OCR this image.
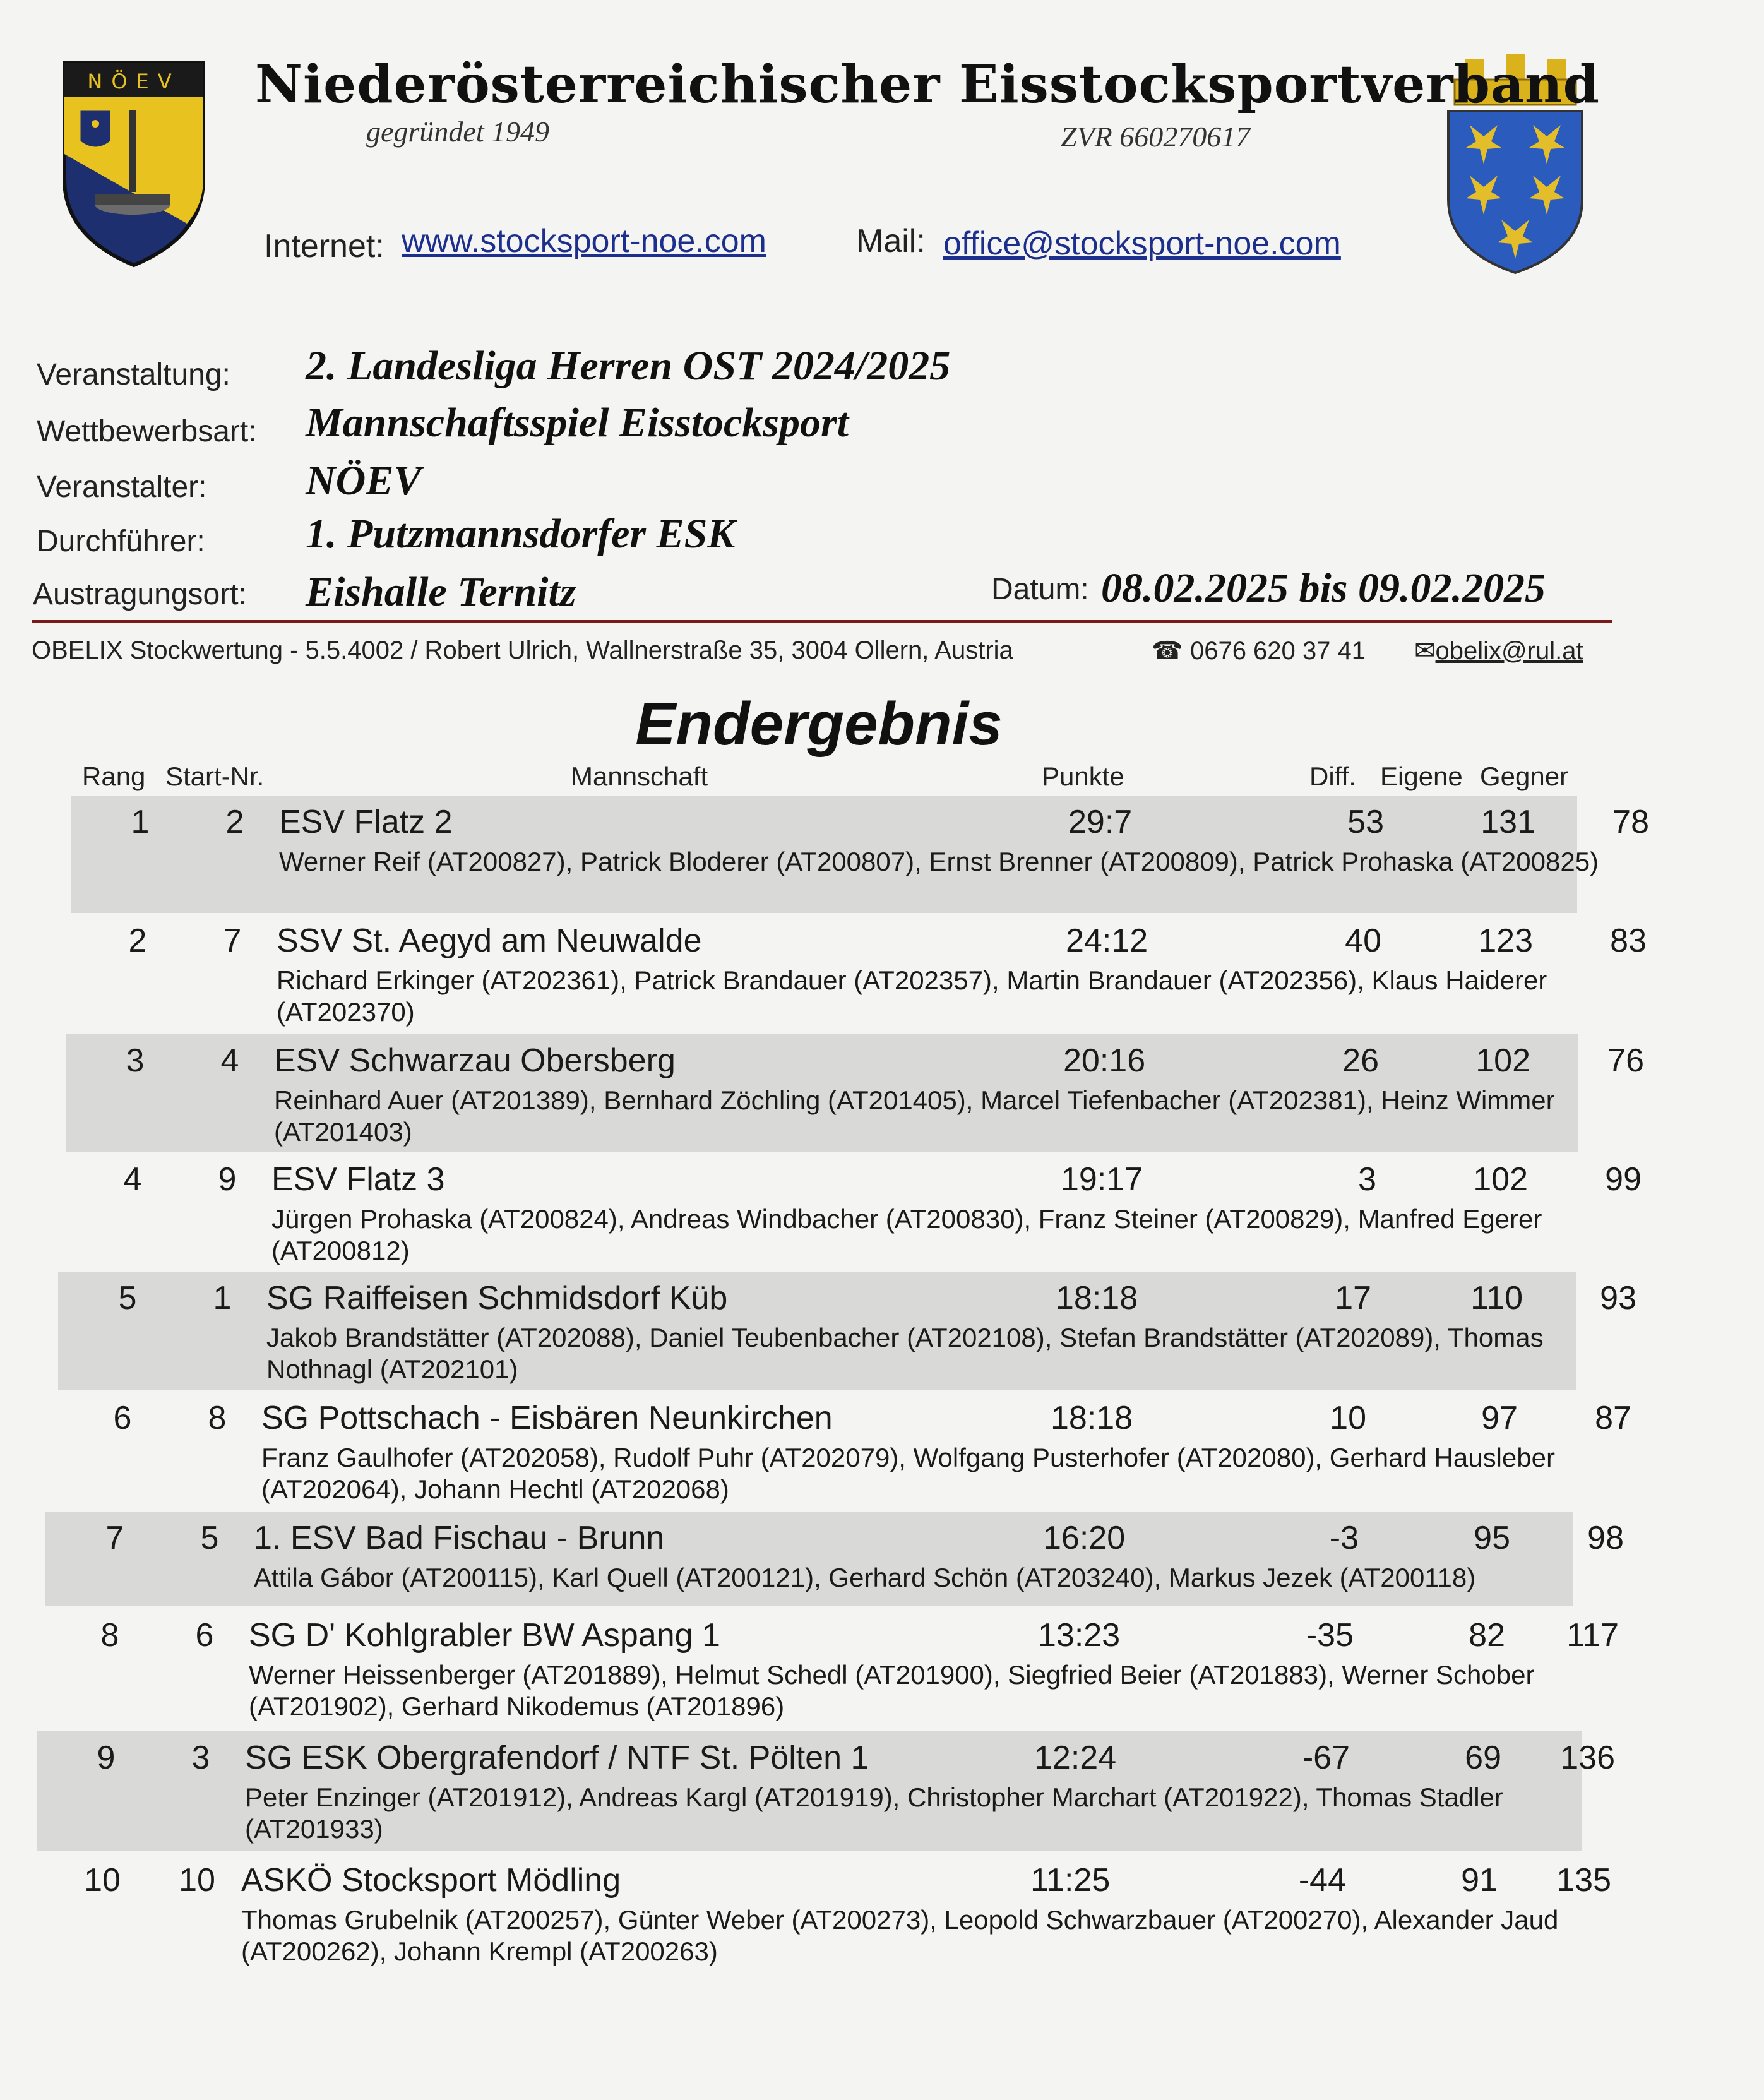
NÖEV Niederösterreichischer Eisstocksportverband
gegründet 1949	ZVR 660270617
Internet: www.stocksport-noe.com	Mail: office@stocksport-noe.com
Veranstaltung: 2. Landesliga Herren OST 2024/2025
Wettbewerbsart: Mannschaftsspiel Eisstocksport
Veranstalter: NÖEV
Durchführer: 1. Putzmannsdorfer ESK
Austragungsort: Eishalle Ternitz	Datum: 08.02.2025 bis 09.02.2025
OBELIX Stockwertung - 5.5.4002 / Robert Ulrich, Wallnerstraße 35, 3004 Ollern, Austria	☎ 0676 620 37 41 ✉obelix@rul.at
Endergebnis
Rang Start-Nr.	Mannschaft	Punkte	Diff. Eigene Gegner
1	2	ESV Flatz 2	29:7	53	131	78
Werner Reif (AT200827), Patrick Bloderer (AT200807), Ernst Brenner (AT200809), Patrick Prohaska (AT200825)
2	7	SSV St. Aegyd am Neuwalde	24:12	40	123	83
Richard Erkinger (AT202361), Patrick Brandauer (AT202357), Martin Brandauer (AT202356), Klaus Haiderer (AT202370)
3	4	ESV Schwarzau Obersberg	20:16	26	102	76
Reinhard Auer (AT201389), Bernhard Zöchling (AT201405), Marcel Tiefenbacher (AT202381), Heinz Wimmer (AT201403)
4	9	ESV Flatz 3	19:17	3	102	99
Jürgen Prohaska (AT200824), Andreas Windbacher (AT200830), Franz Steiner (AT200829), Manfred Egerer (AT200812)
5	1	SG Raiffeisen Schmidsdorf Küb	18:18	17	110	93
Jakob Brandstätter (AT202088), Daniel Teubenbacher (AT202108), Stefan Brandstätter (AT202089), Thomas Nothnagl (AT202101)
6	8	SG Pottschach - Eisbären Neunkirchen	18:18	10	97	87
Franz Gaulhofer (AT202058), Rudolf Puhr (AT202079), Wolfgang Pusterhofer (AT202080), Gerhard Hausleber (AT202064), Johann Hechtl (AT202068)
7	5	1. ESV Bad Fischau - Brunn	16:20	-3	95	98
Attila Gábor (AT200115), Karl Quell (AT200121), Gerhard Schön (AT203240), Markus Jezek (AT200118)
8	6	SG D' Kohlgrabler BW Aspang 1	13:23	-35	82	117
Werner Heissenberger (AT201889), Helmut Schedl (AT201900), Siegfried Beier (AT201883), Werner Schober (AT201902), Gerhard Nikodemus (AT201896)
9	3	SG ESK Obergrafendorf / NTF St. Pölten 1	12:24	-67	69	136
Peter Enzinger (AT201912), Andreas Kargl (AT201919), Christopher Marchart (AT201922), Thomas Stadler (AT201933)
10 10 ASKÖ Stocksport Mödling	11:25	-44	91	135
Thomas Grubelnik (AT200257), Günter Weber (AT200273), Leopold Schwarzbauer (AT200270), Alexander Jaud (AT200262), Johann Krempl (AT200263)
